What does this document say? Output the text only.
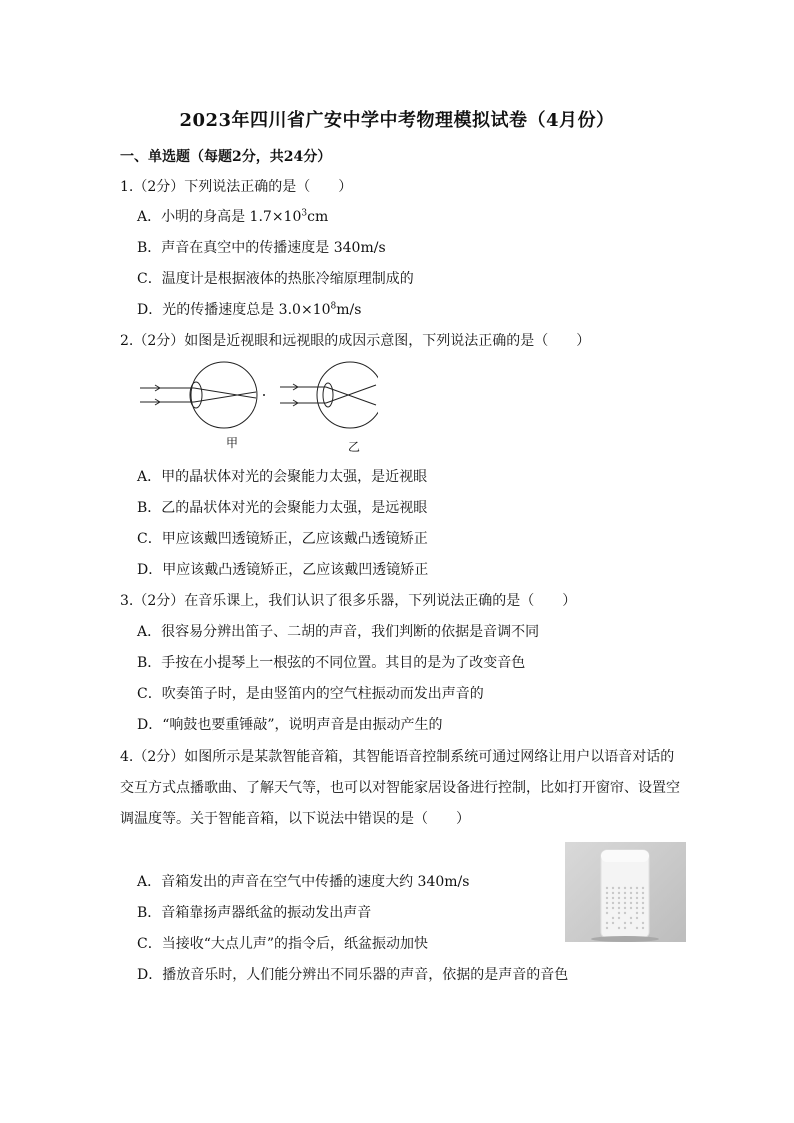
2023年四川省广安中学中考物理模拟试卷（4月份）
一、单选题（每题2分，共24分）
1.（2分）下列说法正确的是（　　）
A．小明的身高是 $1.7\times 10^3cm$
B．声音在真空中的传播速度是 340m/s
C．温度计是根据液体的热胀冷缩原理制成的
D．光的传播速度总是 $3.0\times 10^8m/s$
2.（2分）如图是近视眼和远视眼的成因示意图，下列说法正确的是（　　）
甲	乙
A．甲的晶状体对光的会聚能力太强，是近视眼
B．乙的晶状体对光的会聚能力太强，是远视眼
C．甲应该戴凹透镜矫正，乙应该戴凸透镜矫正
D．甲应该戴凸透镜矫正，乙应该戴凹透镜矫正
3.（2分）在音乐课上，我们认识了很多乐器，下列说法正确的是（　　）
A．很容易分辨出笛子、二胡的声音，我们判断的依据是音调不同
B．手按在小提琴上一根弦的不同位置。其目的是为了改变音色
C．吹奏笛子时，是由竖笛内的空气柱振动而发出声音的
D．“响鼓也要重锤敲”，说明声音是由振动产生的
4.（2分）如图所示是某款智能音箱，其智能语音控制系统可通过网络让用户以语音对话的交互方式点播歌曲、了解天气等，也可以对智能家居设备进行控制，比如打开窗帘、设置空调温度等。关于智能音箱，以下说法中错误的是（　　）
A．音箱发出的声音在空气中传播的速度大约 340m/s
B．音箱靠扬声器纸盆的振动发出声音
C．当接收“大点儿声”的指令后，纸盆振动加快
D．播放音乐时，人们能分辨出不同乐器的声音，依据的是声音的音色
